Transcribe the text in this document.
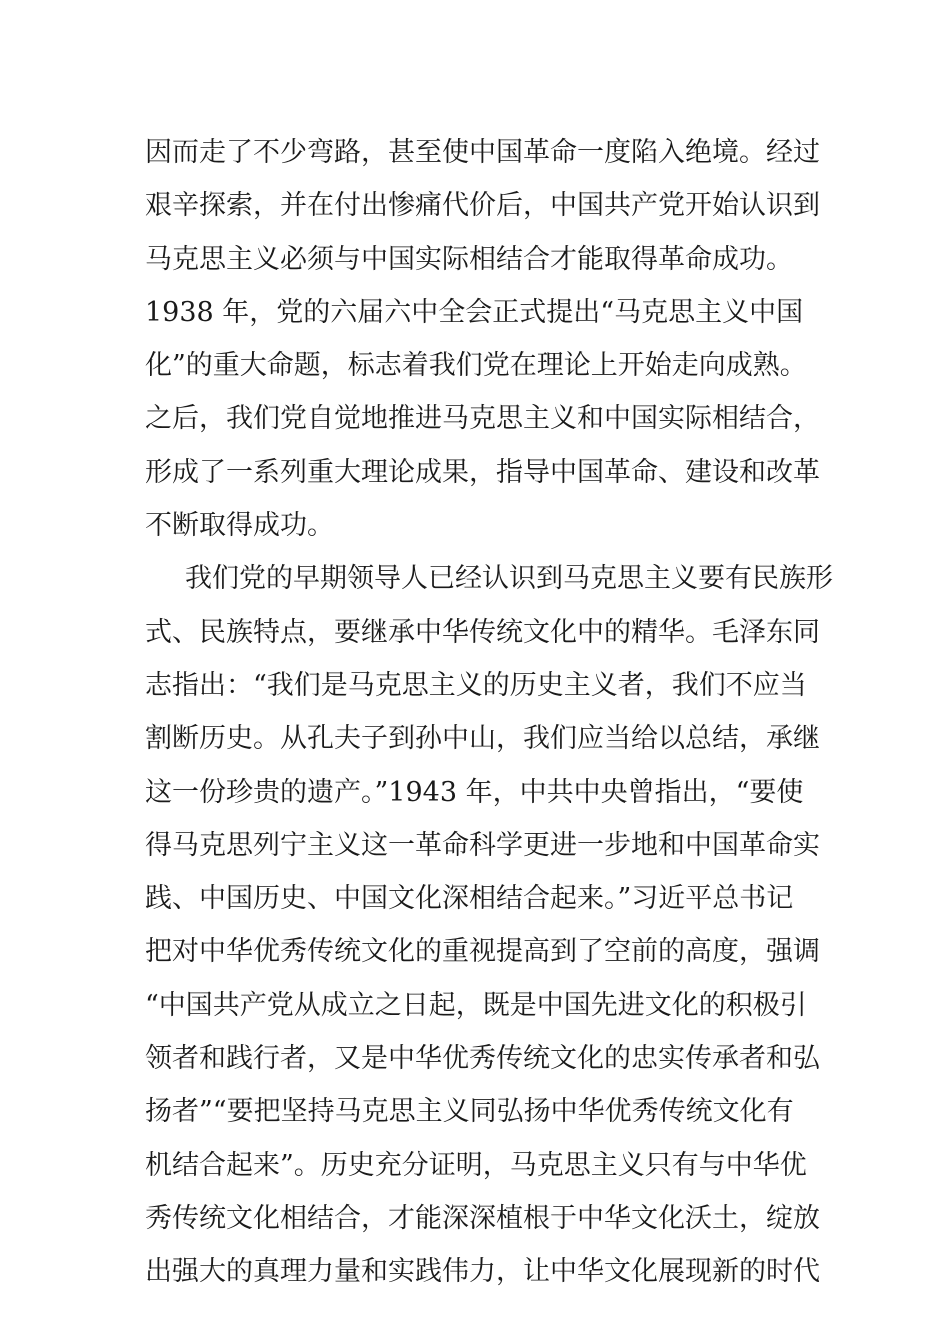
因而走了不少弯路，甚至使中国革命一度陷入绝境。经过
艰辛探索，并在付出惨痛代价后，中国共产党开始认识到
马克思主义必须与中国实际相结合才能取得革命成功。
1938 年，党的六届六中全会正式提出“马克思主义中国
化”的重大命题，标志着我们党在理论上开始走向成熟。
之后，我们党自觉地推进马克思主义和中国实际相结合，
形成了一系列重大理论成果，指导中国革命、建设和改革
不断取得成功。
我们党的早期领导人已经认识到马克思主义要有民族形
式、民族特点，要继承中华传统文化中的精华。毛泽东同
志指出：“我们是马克思主义的历史主义者，我们不应当
割断历史。从孔夫子到孙中山，我们应当给以总结，承继
这一份珍贵的遗产。”1943 年，中共中央曾指出，“要使
得马克思列宁主义这一革命科学更进一步地和中国革命实
践、中国历史、中国文化深相结合起来。”习近平总书记
把对中华优秀传统文化的重视提高到了空前的高度，强调
“中国共产党从成立之日起，既是中国先进文化的积极引
领者和践行者，又是中华优秀传统文化的忠实传承者和弘
扬者”“要把坚持马克思主义同弘扬中华优秀传统文化有
机结合起来”。历史充分证明，马克思主义只有与中华优
秀传统文化相结合，才能深深植根于中华文化沃土，绽放
出强大的真理力量和实践伟力，让中华文化展现新的时代
